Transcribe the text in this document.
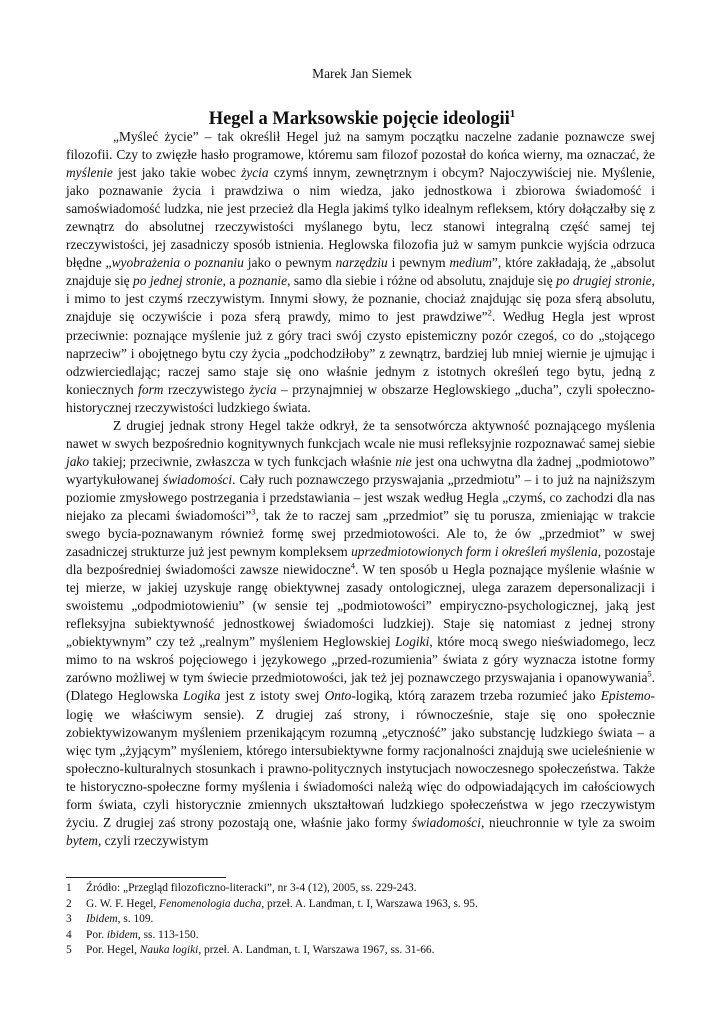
Marek Jan Siemek
Hegel a Marksowskie pojęcie ideologii$^1$

„Myśleć życie” – tak określił Hegel już na samym początku naczelne zadanie poznawcze swej filozofii. Czy to zwięzłe hasło programowe, któremu sam filozof pozostał do końca wierny, ma oznaczać, że myślenie jest jako takie wobec życia czymś innym, zewnętrznym i obcym? Najoczywiściej nie. Myślenie, jako poznawanie życia i prawdziwa o nim wiedza, jako jednostkowa i zbiorowa świadomość i samoświadomość ludzka, nie jest przecież dla Hegla jakimś tylko idealnym refleksem, który dołączałby się z zewnątrz do absolutnej rzeczywistości myślanego bytu, lecz stanowi integralną część samej tej rzeczywistości, jej zasadniczy sposób istnienia. Heglowska filozofia już w samym punkcie wyjścia odrzuca błędne „wyobrażenia o poznaniu jako o pewnym narzędziu i pewnym medium”, które zakładają, że „absolut znajduje się po jednej stronie, a poznanie, samo dla siebie i różne od absolutu, znajduje się po drugiej stronie, i mimo to jest czymś rzeczywistym. Innymi słowy, że poznanie, chociaż znajdując się poza sferą absolutu, znajduje się oczywiście i poza sferą prawdy, mimo to jest prawdziwe”$^2$. Według Hegla jest wprost przeciwnie: poznające myślenie już z góry traci swój czysto epistemiczny pozór czegoś, co do „stojącego naprzeciw” i obojętnego bytu czy życia „podchodziłoby” z zewnątrz, bardziej lub mniej wiernie je ujmując i odzwierciedlając; raczej samo staje się ono właśnie jednym z istotnych określeń tego bytu, jedną z koniecznych form rzeczywistego życia – przynajmniej w obszarze Heglowskiego „ducha”, czyli społeczno-historycznej rzeczywistości ludzkiego świata.

Z drugiej jednak strony Hegel także odkrył, że ta sensotwórcza aktywność poznającego myślenia nawet w swych bezpośrednio kognitywnych funkcjach wcale nie musi refleksyjnie rozpoznawać samej siebie jako takiej; przeciwnie, zwłaszcza w tych funkcjach właśnie nie jest ona uchwytna dla żadnej „podmiotowo” wyartykułowanej świadomości. Cały ruch poznawczego przyswajania „przedmiotu” – i to już na najniższym poziomie zmysłowego postrzegania i przedstawiania – jest wszak według Hegla „czymś, co zachodzi dla nas niejako za plecami świadomości”$^3$, tak że to raczej sam „przedmiot” się tu porusza, zmieniając w trakcie swego bycia-poznawanym również formę swej przedmiotowości. Ale to, że ów „przedmiot” w swej zasadniczej strukturze już jest pewnym kompleksem uprzedmiotowionych form i określeń myślenia, pozostaje dla bezpośredniej świadomości zawsze niewidoczne$^4$. W ten sposób u Hegla poznające myślenie właśnie w tej mierze, w jakiej uzyskuje rangę obiektywnej zasady ontologicznej, ulega zarazem depersonalizacji i swoistemu „odpodmiotowieniu” (w sensie tej „podmiotowości” empiryczno-psychologicznej, jaką jest refleksyjna subiektywność jednostkowej świadomości ludzkiej). Staje się natomiast z jednej strony „obiektywnym” czy też „realnym” myśleniem Heglowskiej Logiki, które mocą swego nieświadomego, lecz mimo to na wskroś pojęciowego i językowego „przed-rozumienia” świata z góry wyznacza istotne formy zarówno możliwej w tym świecie przedmiotowości, jak też jej poznawczego przyswajania i opanowywania$^5$. (Dlatego Heglowska Logika jest z istoty swej Onto-logiką, którą zarazem trzeba rozumieć jako Epistemo-logię we właściwym sensie). Z drugiej zaś strony, i równocześnie, staje się ono społecznie zobiektywizowanym myśleniem przenikającym rozumną „etyczność” jako substancję ludzkiego świata – a więc tym „żyjącym” myśleniem, którego intersubiektywne formy racjonalności znajdują swe ucieleśnienie w społeczno-kulturalnych stosunkach i prawno-politycznych instytucjach nowoczesnego społeczeństwa. Także te historyczno-społeczne formy myślenia i świadomości należą więc do odpowiadających im całościowych form świata, czyli historycznie zmiennych ukształtowań ludzkiego społeczeństwa w jego rzeczywistym życiu. Z drugiej zaś strony pozostają one, właśnie jako formy świadomości, nieuchronnie w tyle za swoim bytem, czyli rzeczywistym

1	Źródło: „Przegląd filozoficzno-literacki”, nr 3-4 (12), 2005, ss. 229-243.
2	G. W. F. Hegel, Fenomenologia ducha, przeł. A. Landman, t. I, Warszawa 1963, s. 95.
3	Ibidem, s. 109.
4	Por. ibidem, ss. 113-150.
5	Por. Hegel, Nauka logiki, przeł. A. Landman, t. I, Warszawa 1967, ss. 31-66.
